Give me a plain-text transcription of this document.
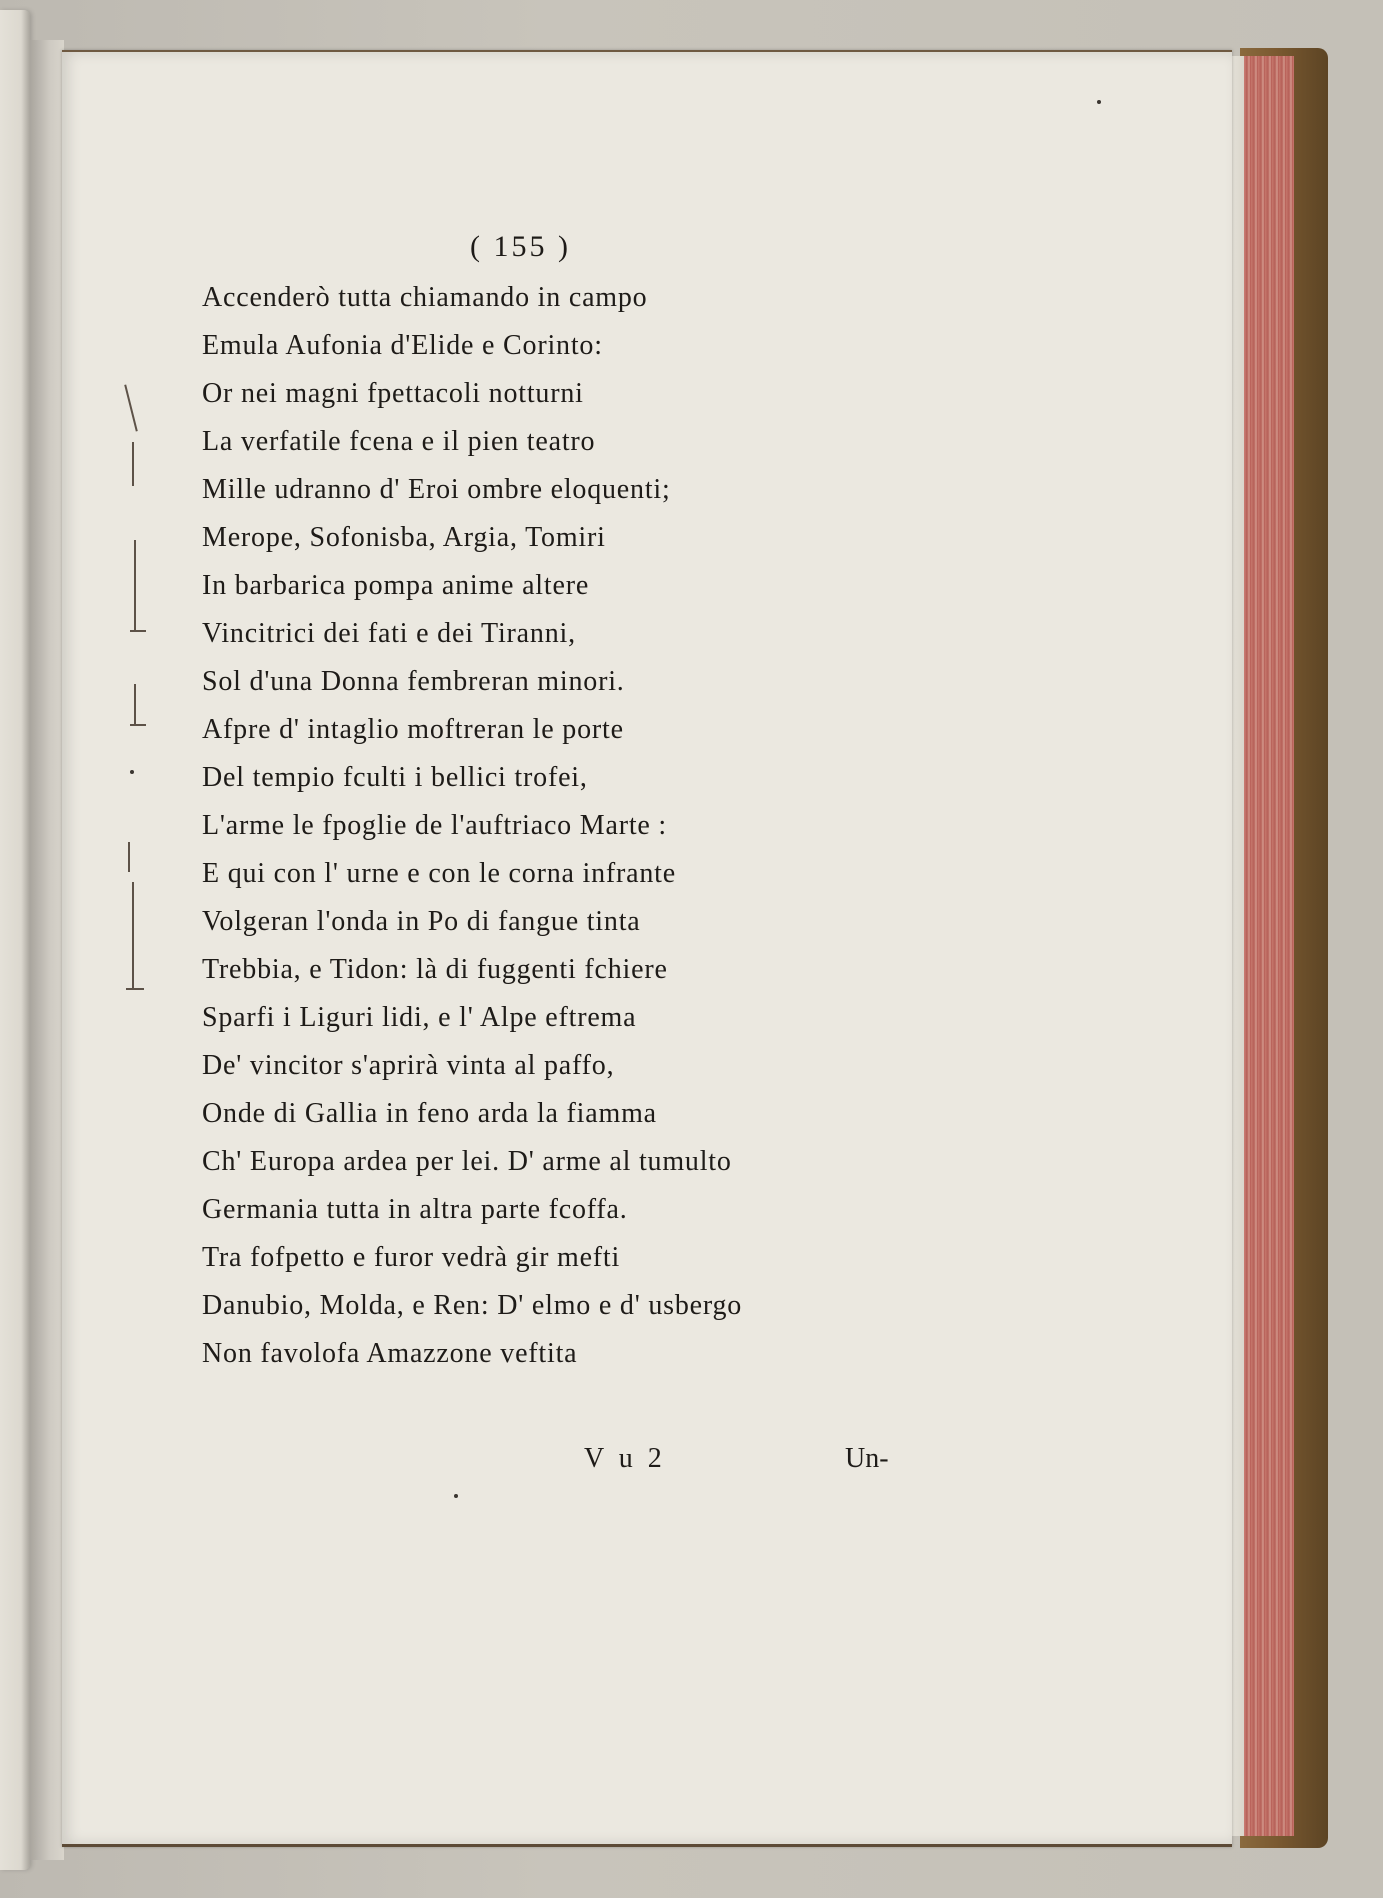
( 155 )
Accenderò tutta chiamando in campo
Emula Aufonia d'Elide e Corinto:
Or nei magni fpettacoli notturni
La verfatile fcena e il pien teatro
Mille udranno d' Eroi ombre eloquenti;
Merope, Sofonisba, Argia, Tomiri
In barbarica pompa anime altere
Vincitrici dei fati e dei Tiranni,
Sol d'una Donna fembreran minori.
Afpre d' intaglio moftreran le porte
Del tempio fculti i bellici trofei,
L'arme le fpoglie de l'auftriaco Marte :
E qui con l' urne e con le corna infrante
Volgeran l'onda in Po di fangue tinta
Trebbia, e Tidon: là di fuggenti fchiere
Sparfi i Liguri lidi, e l' Alpe eftrema
De' vincitor s'aprirà vinta al paffo,
Onde di Gallia in feno arda la fiamma
Ch' Europa ardea per lei. D' arme al tumulto
Germania tutta in altra parte fcoffa.
Tra fofpetto e furor vedrà gir mefti
Danubio, Molda, e Ren: D' elmo e d' usbergo
Non favolofa Amazzone veftita
V u 2	Un-
